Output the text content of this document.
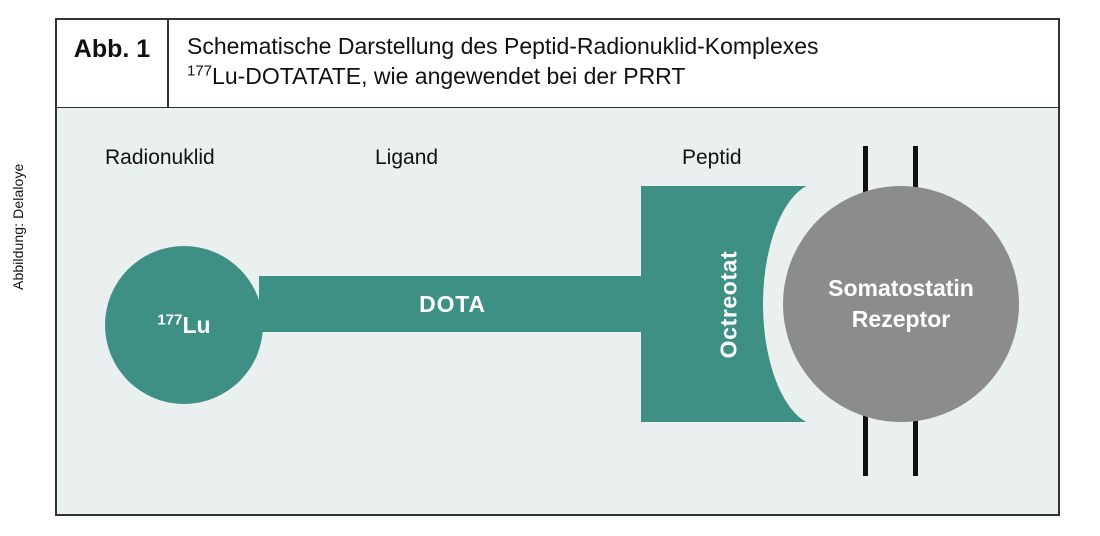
Abbildung: Delaloye
Abb. 1	Schematische Darstellung des Peptid-Radionuklid-Komplexes
$^{177}$Lu-DOTATATE, wie angewendet bei der PRRT
Radionuklid	Ligand	Peptid
$^{177}$Lu
DOTA	Octreotat	Somatostatin
Rezeptor
